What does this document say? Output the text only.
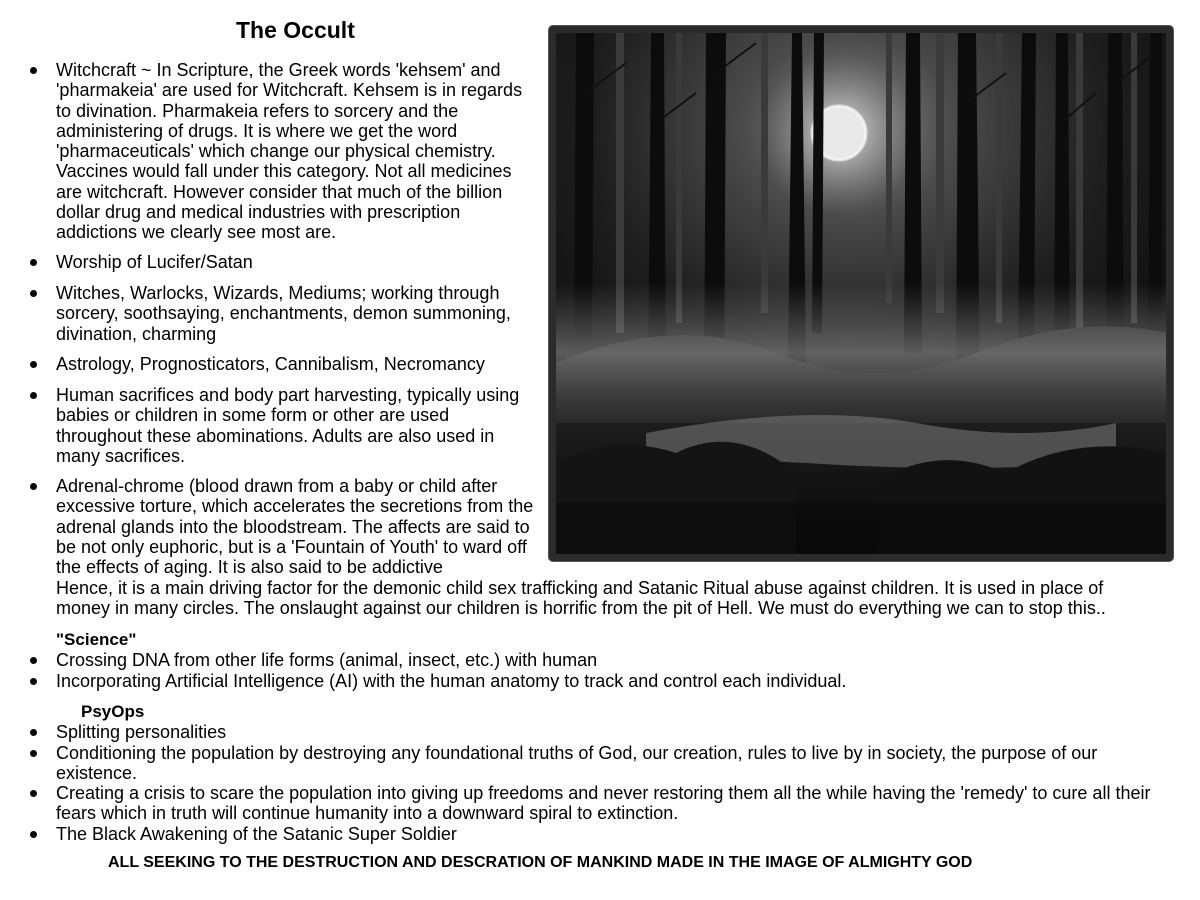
The Occult
Witchcraft ~ In Scripture, the Greek words 'kehsem' and 'pharmakeia' are used for Witchcraft. Kehsem is in regards to divination. Pharmakeia refers to sorcery and the administering of drugs. It is where we get the word 'pharmaceuticals' which change our physical chemistry. Vaccines would fall under this category. Not all medicines are witchcraft. However consider that much of the billion dollar drug and medical industries with prescription addictions we clearly see most are.
Worship of Lucifer/Satan
Witches, Warlocks, Wizards, Mediums; working through sorcery, soothsaying, enchantments, demon summoning, divination, charming
Astrology, Prognosticators, Cannibalism, Necromancy
Human sacrifices and body part harvesting, typically using babies or children in some form or other are used throughout these abominations. Adults are also used in many sacrifices.
Adrenal-chrome (blood drawn from a baby or child after excessive torture, which accelerates the secretions from the adrenal glands into the bloodstream. The affects are said to be not only euphoric, but is a 'Fountain of Youth' to ward off the effects of aging. It is also said to be addictive
Hence, it is a main driving factor for the demonic child sex trafficking and Satanic Ritual abuse against children. It is used in place of money in many circles. The onslaught against our children is horrific from the pit of Hell. We must do everything we can to stop this..
"Science"
Crossing DNA from other life forms (animal, insect, etc.) with human
Incorporating Artificial Intelligence (AI) with the human anatomy to track and control each individual.
PsyOps
Splitting personalities
Conditioning the population by destroying any foundational truths of God, our creation, rules to live by in society, the purpose of our existence.
Creating a crisis to scare the population into giving up freedoms and never restoring them all the while having the 'remedy' to cure all their fears which in truth will continue humanity into a downward spiral to extinction.
The Black Awakening of the Satanic Super Soldier
ALL SEEKING TO THE DESTRUCTION AND DESCRATION OF MANKIND MADE IN THE IMAGE OF ALMIGHTY GOD
